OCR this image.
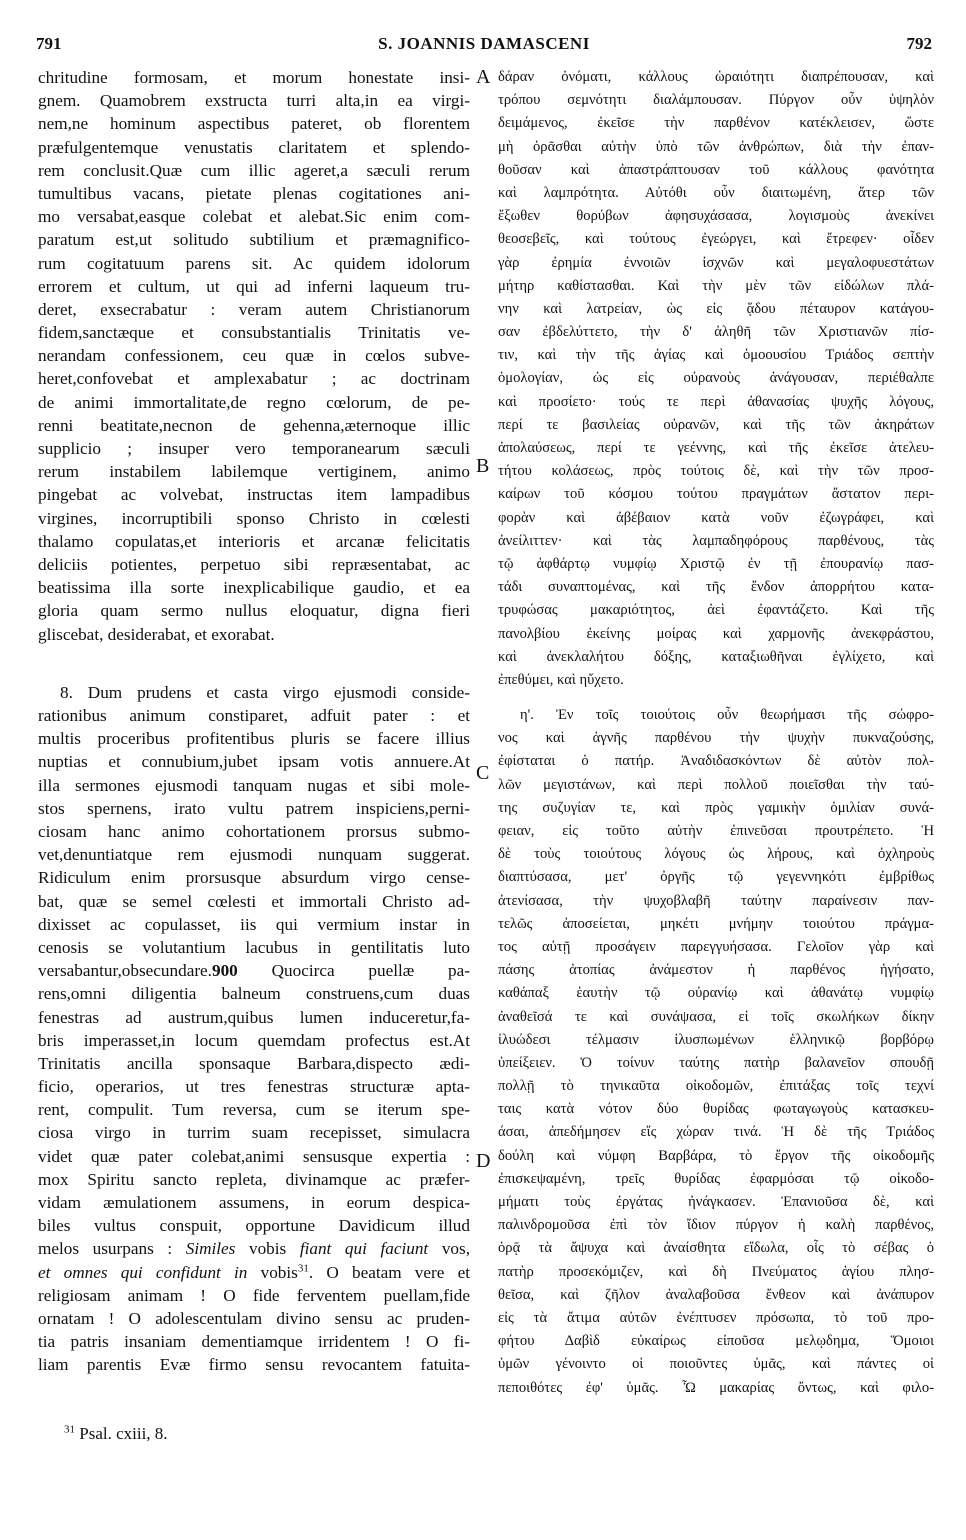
791	S. JOANNIS DAMASCENI	792
A
B
C
D
chritudine formosam, et morum honestate insi-
gnem. Quamobrem exstructa turri alta,in ea virgi-
nem,ne hominum aspectibus pateret, ob florentem
præfulgentemque venustatis claritatem et splendo-
rem conclusit.Quæ cum illic ageret,a sæculi rerum
tumultibus vacans, pietate plenas cogitationes ani-
mo versabat,easque colebat et alebat.Sic enim com-
paratum est,ut solitudo subtilium et præmagnifico-
rum cogitatuum parens sit. Ac quidem idolorum
errorem et cultum, ut qui ad inferni laqueum tru-
deret, exsecrabatur : veram autem Christianorum
fidem,sanctæque et consubstantialis Trinitatis ve-
nerandam confessionem, ceu quæ in cœlos subve-
heret,confovebat et amplexabatur ; ac doctrinam
de animi immortalitate,de regno cœlorum, de pe-
renni beatitate,necnon de gehenna,æternoque illic
supplicio ; insuper vero temporanearum sæculi
rerum instabilem labilemque vertiginem, animo
pingebat ac volvebat, instructas item lampadibus
virgines, incorruptibili sponso Christo in cœlesti
thalamo copulatas,et interioris et arcanæ felicitatis
deliciis potientes, perpetuo sibi repræsentabat, ac
beatissima illa sorte inexplicabilique gaudio, et ea
gloria quam sermo nullus eloquatur, digna fieri
gliscebat, desiderabat, et exorabat.
8. Dum prudens et casta virgo ejusmodi conside-
rationibus animum constiparet, adfuit pater : et
multis proceribus profitentibus pluris se facere illius
nuptias et connubium,jubet ipsam votis annuere.At
illa sermones ejusmodi tanquam nugas et sibi mole-
stos spernens, irato vultu patrem inspiciens,perni-
ciosam hanc animo cohortationem prorsus submo-
vet,denuntiatque rem ejusmodi nunquam suggerat.
Ridiculum enim prorsusque absurdum virgo cense-
bat, quæ se semel cœlesti et immortali Christo ad-
dixisset ac copulasset, iis qui vermium instar in
cenosis se volutantium lacubus in gentilitatis luto
versabantur,obsecundare.900 Quocirca puellæ pa-
rens,omni diligentia balneum construens,cum duas
fenestras ad austrum,quibus lumen induceretur,fa-
bris imperasset,in locum quemdam profectus est.At
Trinitatis ancilla sponsaque Barbara,dispecto ædi-
ficio, operarios, ut tres fenestras structuræ apta-
rent, compulit. Tum reversa, cum se iterum spe-
ciosa virgo in turrim suam recepisset, simulacra
videt quæ pater colebat,animi sensusque expertia :
mox Spiritu sancto repleta, divinamque ac præfer-
vidam æmulationem assumens, in eorum despica-
biles vultus conspuit, opportune Davidicum illud
melos usurpans : Similes vobis fiant qui faciunt vos,
et omnes qui confidunt in vobis$^{31}$. O beatam vere et
religiosam animam ! O fide ferventem puellam,fide
ornatam ! O adolescentulam divino sensu ac pruden-
tia patris insaniam dementiamque irridentem ! O fi-
liam parentis Evæ firmo sensu revocantem fatuita-
δάραν ὀνόματι, κάλλους ὡραιότητι διαπρέπουσαν, καὶ
τρόπου σεμνότητι διαλάμπουσαν. Πύργον οὖν ὑψηλὸν
δειμάμενος, ἐκεῖσε τὴν παρθένον κατέκλεισεν, ὥστε
μὴ ὁρᾶσθαι αὐτὴν ὑπὸ τῶν ἀνθρώπων, διὰ τὴν ἐπαν-
θοῦσαν καὶ ἀπαστράπτουσαν τοῦ κάλλους φανότητα
καὶ λαμπρότητα. Αὐτόθι οὖν διαιτωμένη, ἅτερ τῶν
ἔξωθεν θορύβων ἀφησυχάσασα, λογισμοὺς ἀνεκίνει
θεοσεβεῖς, καὶ τούτους ἐγεώργει, καὶ ἔτρεφεν· οἶδεν
γὰρ ἐρημία ἐννοιῶν ἰσχνῶν καὶ μεγαλοφυεστάτων
μήτηρ καθίστασθαι. Καὶ τὴν μὲν τῶν εἰδώλων πλά-
νην καὶ λατρείαν, ὡς εἰς ᾅδου πέταυρον κατάγου-
σαν ἐβδελύττετο, τὴν δ' ἀληθῆ τῶν Χριστιανῶν πίσ-
τιν, καὶ τὴν τῆς ἁγίας καὶ ὁμοουσίου Τριάδος σεπτὴν
ὁμολογίαν, ὡς εἰς οὐρανοὺς ἀνάγουσαν, περιέθαλπε
καὶ προσίετο· τούς τε περὶ ἀθανασίας ψυχῆς λόγους,
περί τε βασιλείας οὐρανῶν, καὶ τῆς τῶν ἀκηράτων
ἀπολαύσεως, περί τε γεέννης, καὶ τῆς ἐκεῖσε ἀτελευ-
τήτου κολάσεως, πρὸς τούτοις δὲ, καὶ τὴν τῶν προσ-
καίρων τοῦ κόσμου τούτου πραγμάτων ἄστατον περι-
φορὰν καὶ ἀβέβαιον κατὰ νοῦν ἐζωγράφει, καὶ
ἀνείλιττεν· καὶ τὰς λαμπαδηφόρους παρθένους, τὰς
τῷ ἀφθάρτῳ νυμφίῳ Χριστῷ ἐν τῇ ἐπουρανίῳ πασ-
τάδι συναπτομένας, καὶ τῆς ἔνδον ἀπορρήτου κατα-
τρυφώσας μακαριότητος, ἀεὶ ἐφαντάζετο. Καὶ τῆς
πανολβίου ἐκείνης μοίρας καὶ χαρμονῆς ἀνεκφράστου,
καὶ ἀνεκλαλήτου δόξης, καταξιωθῆναι ἐγλίχετο, καὶ
ἐπεθύμει, καὶ ηὔχετο.
η'. Ἐν τοῖς τοιούτοις οὖν θεωρήμασι τῆς σώφρο-
νος καὶ ἁγνῆς παρθένου τὴν ψυχὴν πυκναζούσης,
ἐφίσταται ὁ πατήρ. Ἀναδιδασκόντων δὲ αὐτὸν πολ-
λῶν μεγιστάνων, καὶ περὶ πολλοῦ ποιεῖσθαι τὴν ταύ-
της συζυγίαν τε, καὶ πρὸς γαμικὴν ὁμιλίαν συνά-
φειαν, εἰς τοῦτο αὐτὴν ἐπινεῦσαι προυτρέπετο. Ἡ
δὲ τοὺς τοιούτους λόγους ὡς λήρους, καὶ ὀχληροὺς
διαπτύσασα, μετ' ὀργῆς τῷ γεγεννηκότι ἐμβρίθως
ἀτενίσασα, τὴν ψυχοβλαβῆ ταύτην παραίνεσιν παν-
τελῶς ἀποσείεται, μηκέτι μνήμην τοιούτου πράγμα-
τος αὐτῇ προσάγειν παρεγγυήσασα. Γελοῖον γὰρ καὶ
πάσης ἀτοπίας ἀνάμεστον ἡ παρθένος ἡγήσατο,
καθάπαξ ἑαυτὴν τῷ οὐρανίῳ καὶ ἀθανάτῳ νυμφίῳ
ἀναθεῖσά τε καὶ συνάψασα, εἰ τοῖς σκωλήκων δίκην
ἰλυώδεσι τέλμασιν ἰλυσπωμένων ἑλληνικῷ βορβόρῳ
ὑπείξειεν. Ὁ τοίνυν ταύτης πατὴρ βαλανεῖον σπουδῇ
πολλῇ τὸ τηνικαῦτα οἰκοδομῶν, ἐπιτάξας τοῖς τεχνί
ταις κατὰ νότον δύο θυρίδας φωταγωγοὺς κατασκευ-
άσαι, ἀπεδήμησεν εἴς χώραν τινά. Ἡ δὲ τῆς Τριάδος
δούλη καὶ νύμφη Βαρβάρα, τὸ ἔργον τῆς οἰκοδομῆς
ἐπισκεψαμένη, τρεῖς θυρίδας ἐφαρμόσαι τῷ οἰκοδο-
μήματι τοὺς ἐργάτας ἠνάγκασεν. Ἐπανιοῦσα δὲ, καὶ
παλινδρομοῦσα ἐπὶ τὸν ἴδιον πύργον ἡ καλὴ παρθένος,
ὁρᾷ τὰ ἄψυχα καὶ ἀναίσθητα εἴδωλα, οἷς τὸ σέβας ὁ
πατὴρ προσεκόμιζεν, καὶ δὴ Πνεύματος ἁγίου πλησ-
θεῖσα, καὶ ζῆλον ἀναλαβοῦσα ἔνθεον καὶ ἀνάπυρον
εἰς τὰ ἄτιμα αὐτῶν ἐνέπτυσεν πρόσωπα, τὸ τοῦ προ-
φήτου Δαβὶδ εὐκαίρως εἰποῦσα μελῳδημα, Ὅμοιοι
ὑμῶν γένοιντο οἱ ποιοῦντες ὑμᾶς, καὶ πάντες οἱ
πεποιθότες ἐφ' ὑμᾶς. Ὦ μακαρίας ὄντως, καὶ φιλο-
$^{31}$ Psal. cxiii, 8.
